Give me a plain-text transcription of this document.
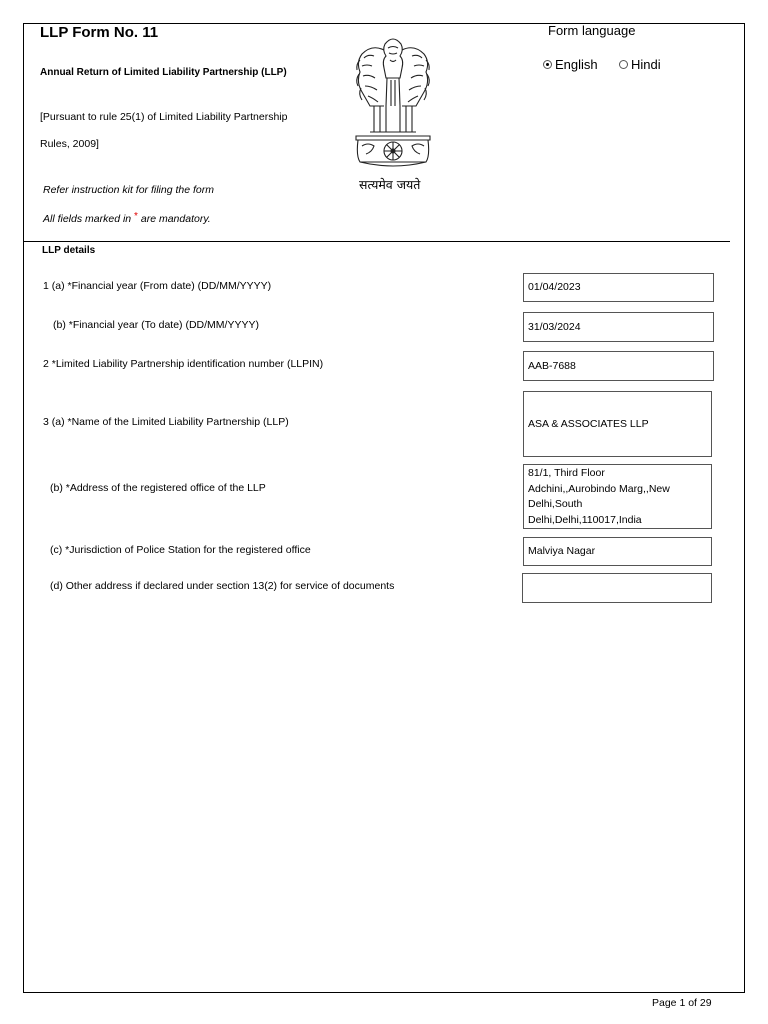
LLP Form No. 11
Annual Return of Limited Liability Partnership (LLP)
[Pursuant to rule 25(1) of Limited Liability Partnership
Rules, 2009]
Refer instruction kit for filing the form
All fields marked in * are mandatory.
सत्यमेव जयते
Form language
English	Hindi
LLP details
1 (a) *Financial year (From date) (DD/MM/YYYY)	01/04/2023
(b) *Financial year (To date) (DD/MM/YYYY)	31/03/2024
2 *Limited Liability Partnership identification number (LLPIN)	AAB-7688
3 (a) *Name of the Limited Liability Partnership (LLP)	ASA & ASSOCIATES LLP
(b) *Address of the registered office of the LLP
81/1, Third Floor
Adchini,,Aurobindo Marg,,New
Delhi,South
Delhi,Delhi,110017,India
(c) *Jurisdiction of Police Station for the registered office	Malviya Nagar
(d) Other address if declared under section 13(2) for service of documents
Page 1 of 29
